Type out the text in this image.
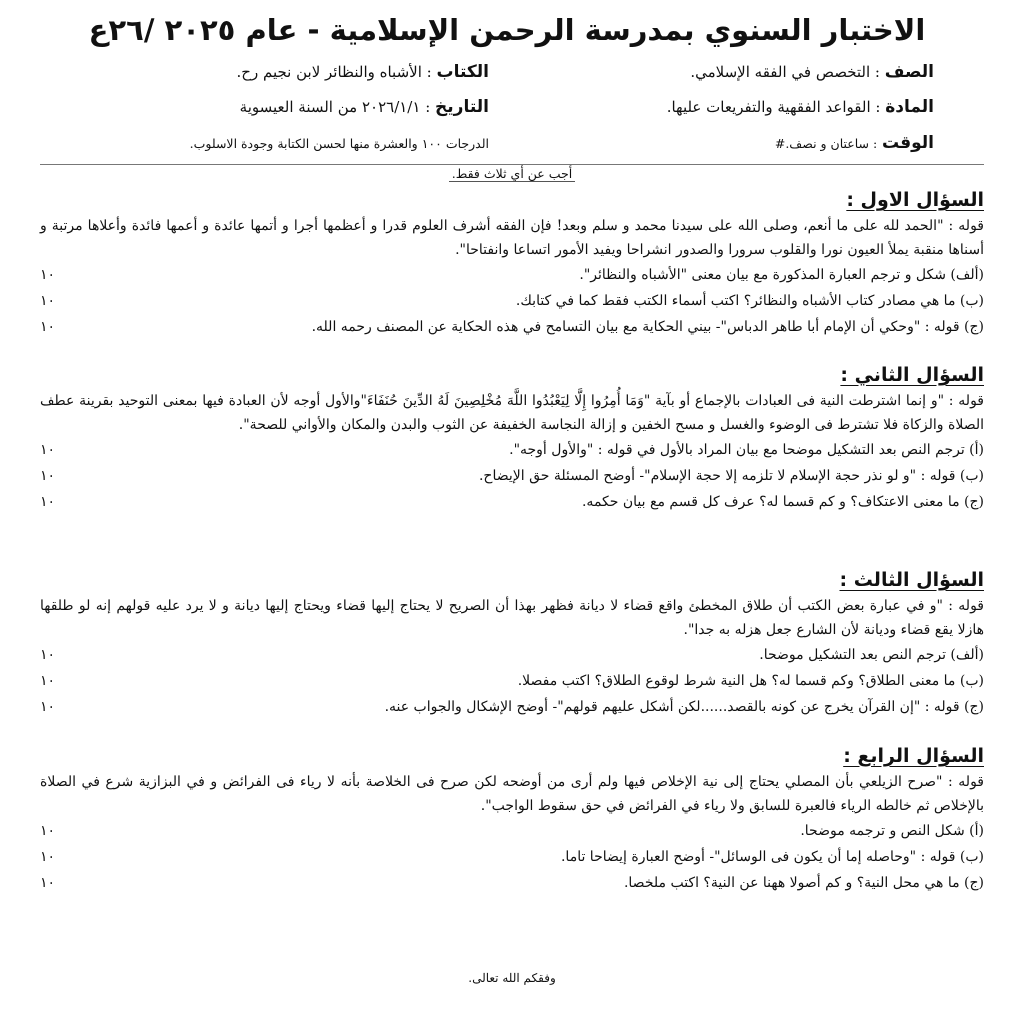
الاختبار السنوي بمدرسة الرحمن الإسلامية - عام ٢٠٢٥ /٢٦ع
الصف : التخصص في الفقه الإسلامي.
الكتاب : الأشباه والنظائر لابن نجيم رح.
المادة : القواعد الفقهية والتفريعات عليها.
التاريخ : ٢٠٢٦/١/١ من السنة العيسوية
الوقت : ساعتان و نصف.#
الدرجات ١٠٠ والعشرة منها لحسن الكتابة وجودة الاسلوب.
أجب عن أي ثلاث فقط.
السؤال الاول :

قوله : "الحمد لله على ما أنعم، وصلى الله على سيدنا محمد و سلم وبعد! فإن الفقه أشرف العلوم قدرا و أعظمها أجرا و أتمها عائدة و أعمها فائدة وأعلاها مرتبة و أسناها منقبة يملأ العيون نورا والقلوب سرورا والصدور انشراحا ويفيد الأمور اتساعا وانفتاحا".

(ألف) شكل و ترجم العبارة المذكورة مع بيان معنى "الأشباه والنظائر".
١٠
(ب) ما هي مصادر كتاب الأشباه والنظائر؟ اكتب أسماء الكتب فقط كما في كتابك.
١٠
(ج) قوله : "وحكي أن الإمام أبا طاهر الدباس"- بيني الحكاية مع بيان التسامح في هذه الحكاية عن المصنف رحمه الله.
١٠
السؤال الثاني :

قوله : "و إنما اشترطت النية فى العبادات بالإجماع أو بآية "وَمَا أُمِرُوا إِلَّا لِيَعْبُدُوا اللَّهَ مُخْلِصِينَ لَهُ الدِّينَ حُنَفَاءَ"والأول أوجه لأن العبادة فيها بمعنى التوحيد بقرينة عطف الصلاة والزكاة فلا تشترط فى الوضوء والغسل و مسح الخفين و إزالة النجاسة الخفيفة عن الثوب والبدن والمكان والأواني للصحة".

(أ) ترجم النص بعد التشكيل موضحا مع بيان المراد بالأول في قوله : "والأول أوجه".
١٠
(ب) قوله : "و لو نذر حجة الإسلام لا تلزمه إلا حجة الإسلام"- أوضح المسئلة حق الإيضاح.
١٠
(ج) ما معنى الاعتكاف؟ و كم قسما له؟ عرف كل قسم مع بيان حكمه.
١٠
السؤال الثالث :

قوله : "و في عبارة بعض الكتب أن طلاق المخطئ واقع قضاء لا ديانة فظهر بهذا أن الصريح لا يحتاج إليها قضاء ويحتاج إليها ديانة و لا يرد عليه قولهم إنه لو طلقها هازلا يقع قضاء وديانة لأن الشارع جعل هزله به جدا".

(ألف) ترجم النص بعد التشكيل موضحا.
١٠
(ب) ما معنى الطلاق؟ وكم قسما له؟ هل النية شرط لوقوع الطلاق؟ اكتب مفصلا.
١٠
(ج) قوله : "إن القرآن يخرج عن كونه بالقصد......لكن أشكل عليهم قولهم"- أوضح الإشكال والجواب عنه.
١٠
السؤال الرابع :

قوله : "صرح الزيلعي بأن المصلي يحتاج إلى نية الإخلاص فيها ولم أرى من أوضحه لكن صرح فى الخلاصة بأنه لا رياء فى الفرائض و في البزازية شرع في الصلاة بالإخلاص ثم خالطه الرياء فالعبرة للسابق ولا رياء في الفرائض في حق سقوط الواجب".

(أ) شكل النص و ترجمه موضحا.
١٠
(ب) قوله : "وحاصله إما أن يكون فى الوسائل"- أوضح العبارة إيضاحا تاما.
١٠
(ج) ما هي محل النية؟ و كم أصولا ههنا عن النية؟ اكتب ملخصا.
١٠
وفقكم الله تعالى.
